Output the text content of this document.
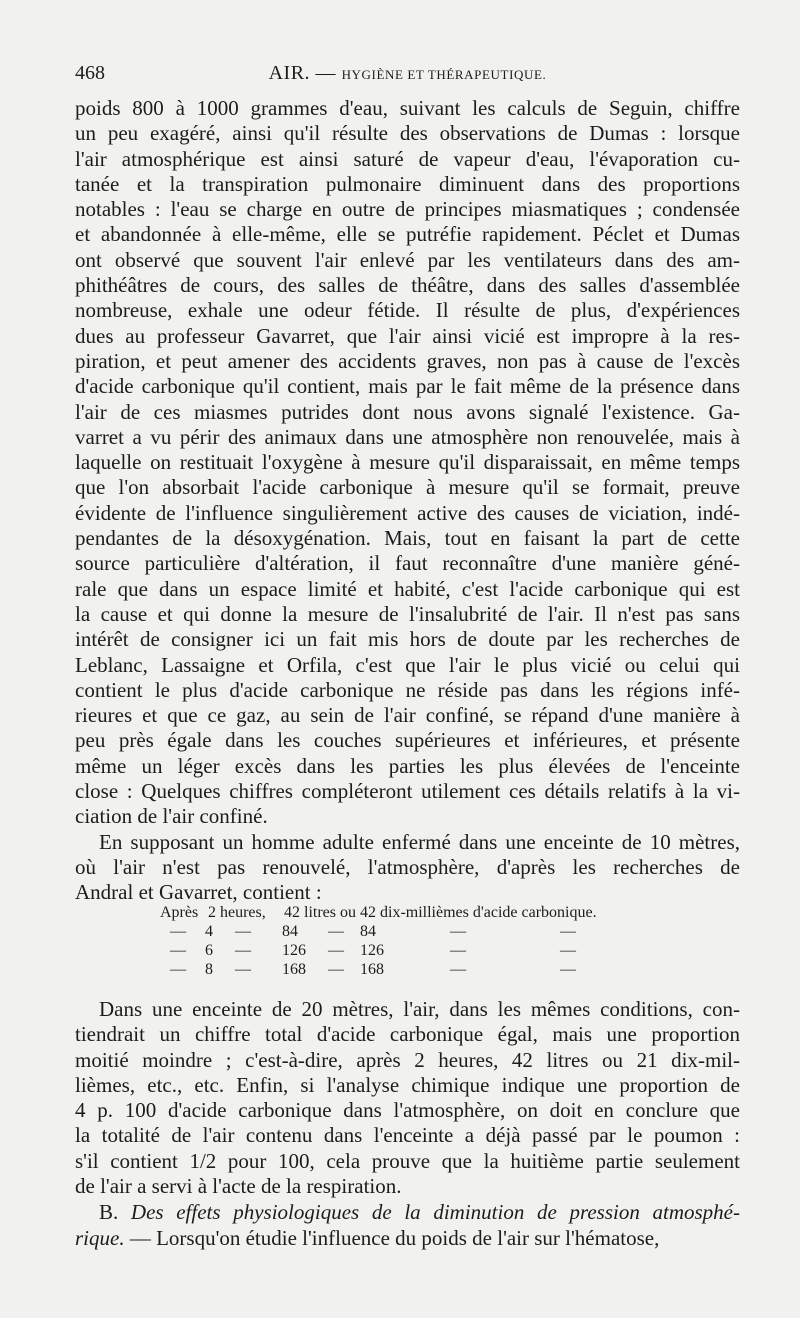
468	AIR. — HYGIÈNE ET THÉRAPEUTIQUE.
poids 800 à 1000 grammes d'eau, suivant les calculs de Seguin, chiffre
un peu exagéré, ainsi qu'il résulte des observations de Dumas : lorsque
l'air atmosphérique est ainsi saturé de vapeur d'eau, l'évaporation cu-
tanée et la transpiration pulmonaire diminuent dans des proportions
notables : l'eau se charge en outre de principes miasmatiques ; condensée
et abandonnée à elle-même, elle se putréfie rapidement. Péclet et Dumas
ont observé que souvent l'air enlevé par les ventilateurs dans des am-
phithéâtres de cours, des salles de théâtre, dans des salles d'assemblée
nombreuse, exhale une odeur fétide. Il résulte de plus, d'expériences
dues au professeur Gavarret, que l'air ainsi vicié est impropre à la res-
piration, et peut amener des accidents graves, non pas à cause de l'excès
d'acide carbonique qu'il contient, mais par le fait même de la présence dans
l'air de ces miasmes putrides dont nous avons signalé l'existence. Ga-
varret a vu périr des animaux dans une atmosphère non renouvelée, mais à
laquelle on restituait l'oxygène à mesure qu'il disparaissait, en même temps
que l'on absorbait l'acide carbonique à mesure qu'il se formait, preuve
évidente de l'influence singulièrement active des causes de viciation, indé-
pendantes de la désoxygénation. Mais, tout en faisant la part de cette
source particulière d'altération, il faut reconnaître d'une manière géné-
rale que dans un espace limité et habité, c'est l'acide carbonique qui est
la cause et qui donne la mesure de l'insalubrité de l'air. Il n'est pas sans
intérêt de consigner ici un fait mis hors de doute par les recherches de
Leblanc, Lassaigne et Orfila, c'est que l'air le plus vicié ou celui qui
contient le plus d'acide carbonique ne réside pas dans les régions infé-
rieures et que ce gaz, au sein de l'air confiné, se répand d'une manière à
peu près égale dans les couches supérieures et inférieures, et présente
même un léger excès dans les parties les plus élevées de l'enceinte
close : Quelques chiffres compléteront utilement ces détails relatifs à la vi-
ciation de l'air confiné.
En supposant un homme adulte enfermé dans une enceinte de 10 mètres,
où l'air n'est pas renouvelé, l'atmosphère, d'après les recherches de
Andral et Gavarret, contient :
Après 2 heures, 42 litres ou 42 dix-millièmes d'acide carbonique.
— 4 — 84 — 84	—	—
— 6 — 126 — 126	—	—
— 8 — 168 — 168	—	—
Dans une enceinte de 20 mètres, l'air, dans les mêmes conditions, con-
tiendrait un chiffre total d'acide carbonique égal, mais une proportion
moitié moindre ; c'est-à-dire, après 2 heures, 42 litres ou 21 dix-mil-
lièmes, etc., etc. Enfin, si l'analyse chimique indique une proportion de
4 p. 100 d'acide carbonique dans l'atmosphère, on doit en conclure que
la totalité de l'air contenu dans l'enceinte a déjà passé par le poumon :
s'il contient 1/2 pour 100, cela prouve que la huitième partie seulement
de l'air a servi à l'acte de la respiration.
B. Des effets physiologiques de la diminution de pression atmosphé-
rique. — Lorsqu'on étudie l'influence du poids de l'air sur l'hématose,
